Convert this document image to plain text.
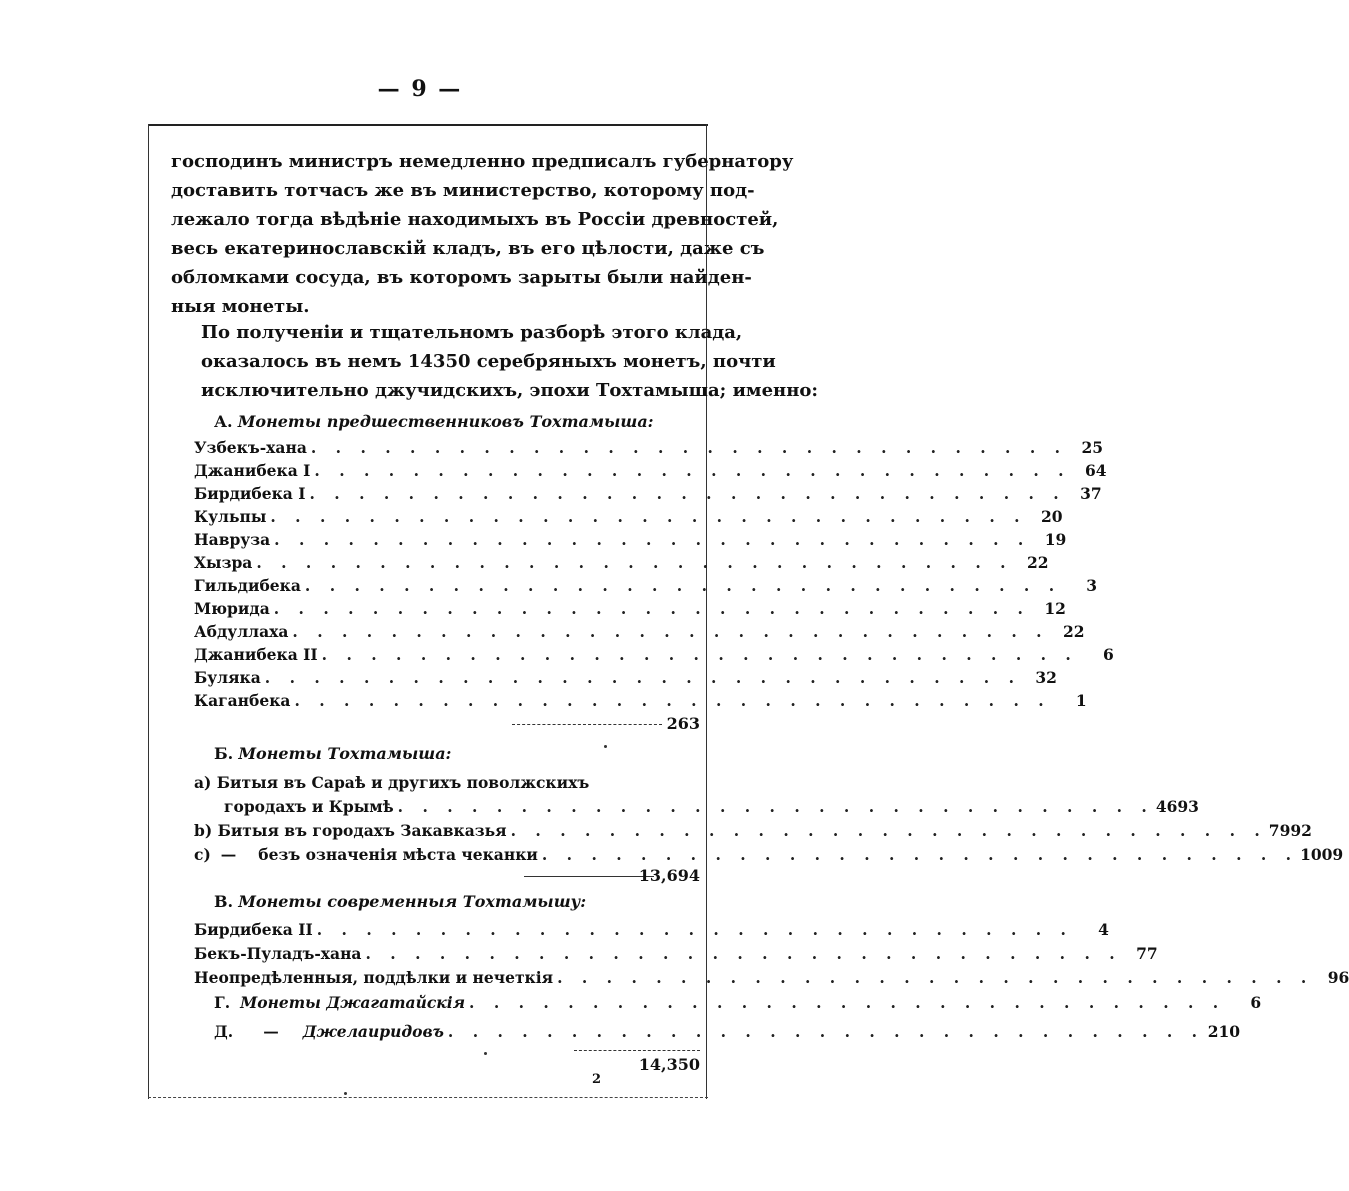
— 9 —
господинъ министръ немедленно предписалъ губернатору
доставить тотчасъ же въ министерство, которому под-
лежало тогда вѣдѣніе находимыхъ въ Россіи древностей,
весь екатеринославскій кладъ, въ его цѣлости, даже съ
обломками сосуда, въ которомъ зарыты были найден-
ныя монеты.
По полученіи и тщательномъ разборѣ этого клада,
оказалось въ немъ 14350 серебряныхъ монетъ, почти
исключительно джучидскихъ, эпохи Тохтамыша; именно:
А. Монеты предшественниковъ Тохтамыша:
Узбекъ-хана . . . . . . . . . . . . . . . . . . . . . . . . . . . . . . . 25
Джанибека I . . . . . . . . . . . . . . . . . . . . . . . . . . . . . . . 64
Бирдибека I . . . . . . . . . . . . . . . . . . . . . . . . . . . . . . . 37
Кульпы . . . . . . . . . . . . . . . . . . . . . . . . . . . . . . . 20
Навруза . . . . . . . . . . . . . . . . . . . . . . . . . . . . . . . 19
Хызра . . . . . . . . . . . . . . . . . . . . . . . . . . . . . . . 22
Гильдибека . . . . . . . . . . . . . . . . . . . . . . . . . . . . . . .	3
Мюрида . . . . . . . . . . . . . . . . . . . . . . . . . . . . . . . 12
Абдуллаха . . . . . . . . . . . . . . . . . . . . . . . . . . . . . . . 22
Джанибека II . . . . . . . . . . . . . . . . . . . . . . . . . . . . . . .	6
Буляка . . . . . . . . . . . . . . . . . . . . . . . . . . . . . . . 32
Каганбека . . . . . . . . . . . . . . . . . . . . . . . . . . . . . . .	1
263
Б. Монеты Тохтамыша:
a) Битыя въ Сараѣ и другихъ поволжскихъ
городахъ и Крымѣ . . . . . . . . . . . . . . . . . . . . . . . . . . . . . . . 4693
b) Битыя въ городахъ Закавказья . . . . . . . . . . . . . . . . . . . . . . . . . . . . . . . 7992
c) —	безъ означенія мѣста чеканки . . . . . . . . . . . . . . . . . . . . . . . . . . . . . . . 1009
13,694
В. Монеты современныя Тохтамышу:
Бирдибека II . . . . . . . . . . . . . . . . . . . . . . . . . . . . . . .	4
Бекъ-Пуладъ-хана . . . . . . . . . . . . . . . . . . . . . . . . . . . . . . . 77
Неопредѣленныя, поддѣлки и нечеткія . . . . . . . . . . . . . . . . . . . . . . . . . . . . . . . 96
Г. Монеты Джагатайскія . . . . . . . . . . . . . . . . . . . . . . . . . . . . . . .	6
Д.	—	Джелаиридовъ . . . . . . . . . . . . . . . . . . . . . . . . . . . . . . . 210
14,350
2
